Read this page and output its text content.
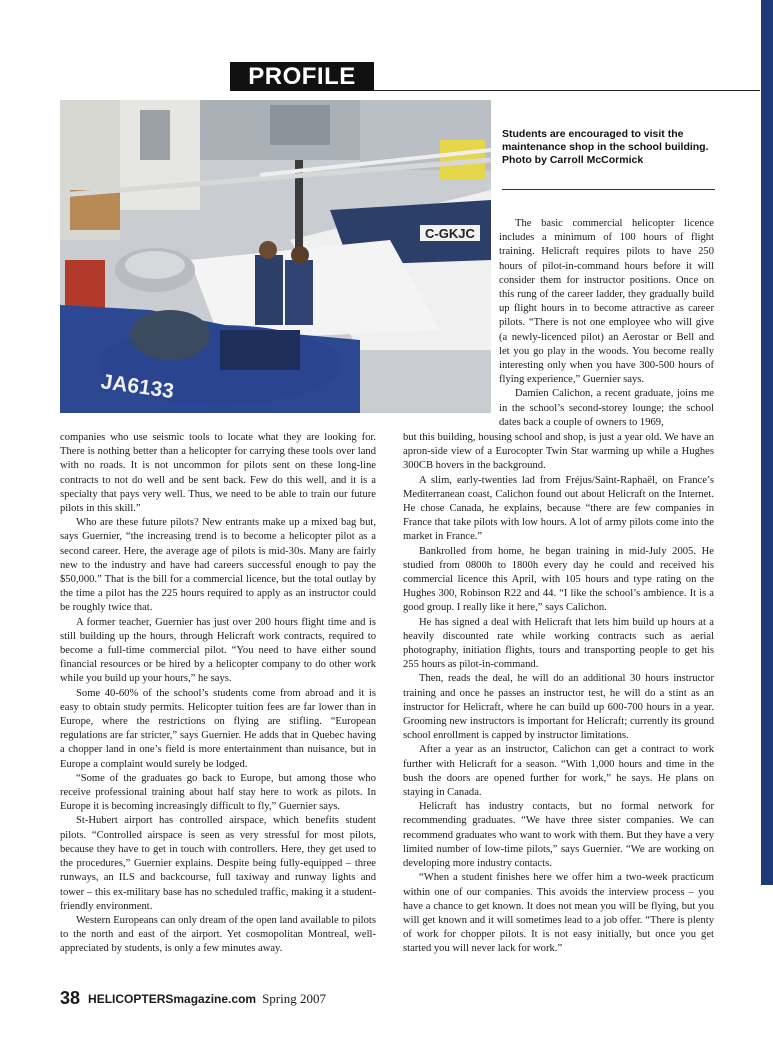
PROFILE
C-GKJC
JA6133
Students are encouraged to visit the maintenance shop in the school building. Photo by Carroll McCormick

The basic commercial helicopter licence includes a minimum of 100 hours of flight training. Helicraft requires pilots to have 250 hours of pilot-in-command hours before it will consider them for instructor positions. Once on this rung of the career ladder, they gradually build up flight hours in to become attractive as career pilots. “There is not one employee who will give (a newly-licenced pilot) an Aerostar or Bell and let you go play in the woods. You become really interesting only when you have 300-500 hours of flying experience,” Guernier says.

Damien Calichon, a recent graduate, joins me in the school’s second-storey lounge; the school dates back a couple of owners to 1969,

companies who use seismic tools to locate what they are looking for. There is nothing better than a helicopter for carrying these tools over land with no roads. It is not uncommon for pilots sent on these long-line contracts to not do well and be sent back. Few do this well, and it is a specialty that pays very well. Thus, we need to be able to train our future pilots in this skill.”

Who are these future pilots? New entrants make up a mixed bag but, says Guernier, “the increasing trend is to become a helicopter pilot as a second career. Here, the average age of pilots is mid-30s. Many are fairly new to the industry and have had careers successful enough to pay the $50,000.” That is the bill for a commercial licence, but the total outlay by the time a pilot has the 225 hours required to apply as an instructor could be roughly twice that.

A former teacher, Guernier has just over 200 hours flight time and is still building up the hours, through Helicraft work contracts, required to become a full-time commercial pilot. “You need to have either sound financial resources or be hired by a helicopter company to do other work while you build up your hours,” he says.

Some 40-60% of the school’s students come from abroad and it is easy to obtain study permits. Helicopter tuition fees are far lower than in Europe, where the restrictions on flying are stifling. “European regulations are far stricter,” says Guernier. He adds that in Quebec having a chopper land in one’s field is more entertainment than nuisance, but in Europe a complaint would surely be lodged.

“Some of the graduates go back to Europe, but among those who receive professional training about half stay here to work as pilots. In Europe it is becoming increasingly difficult to fly,” Guernier says.

St-Hubert airport has controlled airspace, which benefits student pilots. “Controlled airspace is seen as very stressful for most pilots, because they have to get in touch with controllers. Here, they get used to the procedures,” Guernier explains. Despite being fully-equipped – three runways, an ILS and backcourse, full taxiway and runway lights and tower – this ex-military base has no scheduled traffic, making it a student-friendly environment.

Western Europeans can only dream of the open land available to pilots to the north and east of the airport. Yet cosmopolitan Montreal, well-appreciated by students, is only a few minutes away.

but this building, housing school and shop, is just a year old. We have an apron-side view of a Eurocopter Twin Star warming up while a Hughes 300CB hovers in the background.

A slim, early-twenties lad from Fréjus/Saint-Raphaël, on France’s Mediterranean coast, Calichon found out about Helicraft on the Internet. He chose Canada, he explains, because “there are few companies in France that take pilots with low hours. A lot of army pilots come into the market in France.”

Bankrolled from home, he began training in mid-July 2005. He studied from 0800h to 1800h every day he could and received his commercial licence this April, with 105 hours and type rating on the Hughes 300, Robinson R22 and 44. “I like the school’s ambience. It is a good group. I really like it here,” says Calichon.

He has signed a deal with Helicraft that lets him build up hours at a heavily discounted rate while working contracts such as aerial photography, initiation flights, tours and transporting people to get his 255 hours as pilot-in-command.

Then, reads the deal, he will do an additional 30 hours instructor training and once he passes an instructor test, he will do a stint as an instructor for Helicraft, where he can build up 600-700 hours in a year. Grooming new instructors is important for Helicraft; currently its ground school enrollment is capped by instructor limitations.

After a year as an instructor, Calichon can get a contract to work further with Helicraft for a season. “With 1,000 hours and time in the bush the doors are opened further for work,” he says. He plans on staying in Canada.

Helicraft has industry contacts, but no formal network for recommending graduates. “We have three sister companies. We can recommend graduates who want to work with them. But they have a very limited number of low-time pilots,” says Guernier. “We are working on developing more industry contacts.

“When a student finishes here we offer him a two-week practicum within one of our companies. This avoids the interview process – you have a chance to get known. It does not mean you will be flying, but you will get known and it will sometimes lead to a job offer. “There is plenty of work for chopper pilots. It is not easy initially, but once you get started you will never lack for work.”

38 HELICOPTERSmagazine.com Spring 2007
